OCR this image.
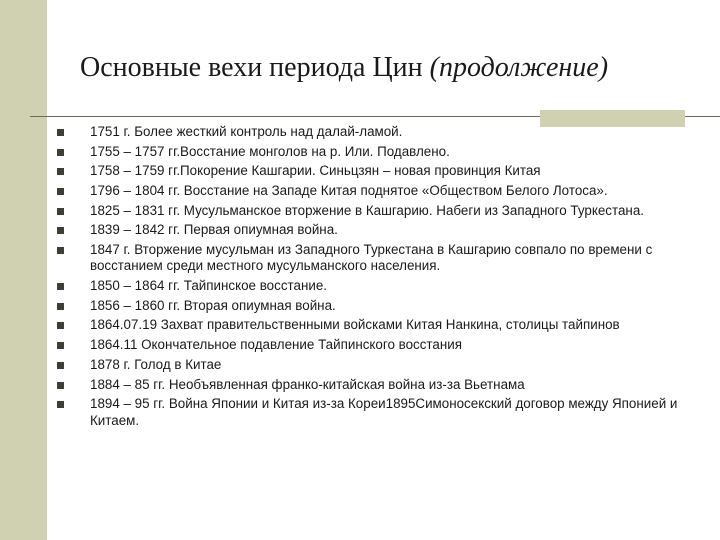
Основные вехи периода Цин (продолжение)
1751 г. Более жесткий контроль над далай-ламой.
1755 – 1757 гг.Восстание монголов на р. Или. Подавлено.
1758 – 1759 гг.Покорение Кашгарии. Синьцзян – новая провинция Китая
1796 – 1804 гг. Восстание на Западе Китая поднятое «Обществом Белого Лотоса».
1825 – 1831 гг. Мусульманское вторжение в Кашгарию. Набеги из Западного Туркестана.
1839 – 1842 гг. Первая опиумная война.
1847 г. Вторжение мусульман из Западного Туркестана в Кашгарию совпало по времени с восстанием среди местного мусульманского населения.
1850 – 1864 гг. Тайпинское восстание.
1856 – 1860 гг. Вторая опиумная война.
1864.07.19 Захват правительственными войсками Китая Нанкина, столицы тайпинов
1864.11 Окончательное подавление Тайпинского восстания
1878 г. Голод в Китае
1884 – 85 гг. Необъявленная франко-китайская война из-за Вьетнама
1894 – 95 гг. Война Японии и Китая из-за Кореи1895Симоносекский договор между Японией и Китаем.
